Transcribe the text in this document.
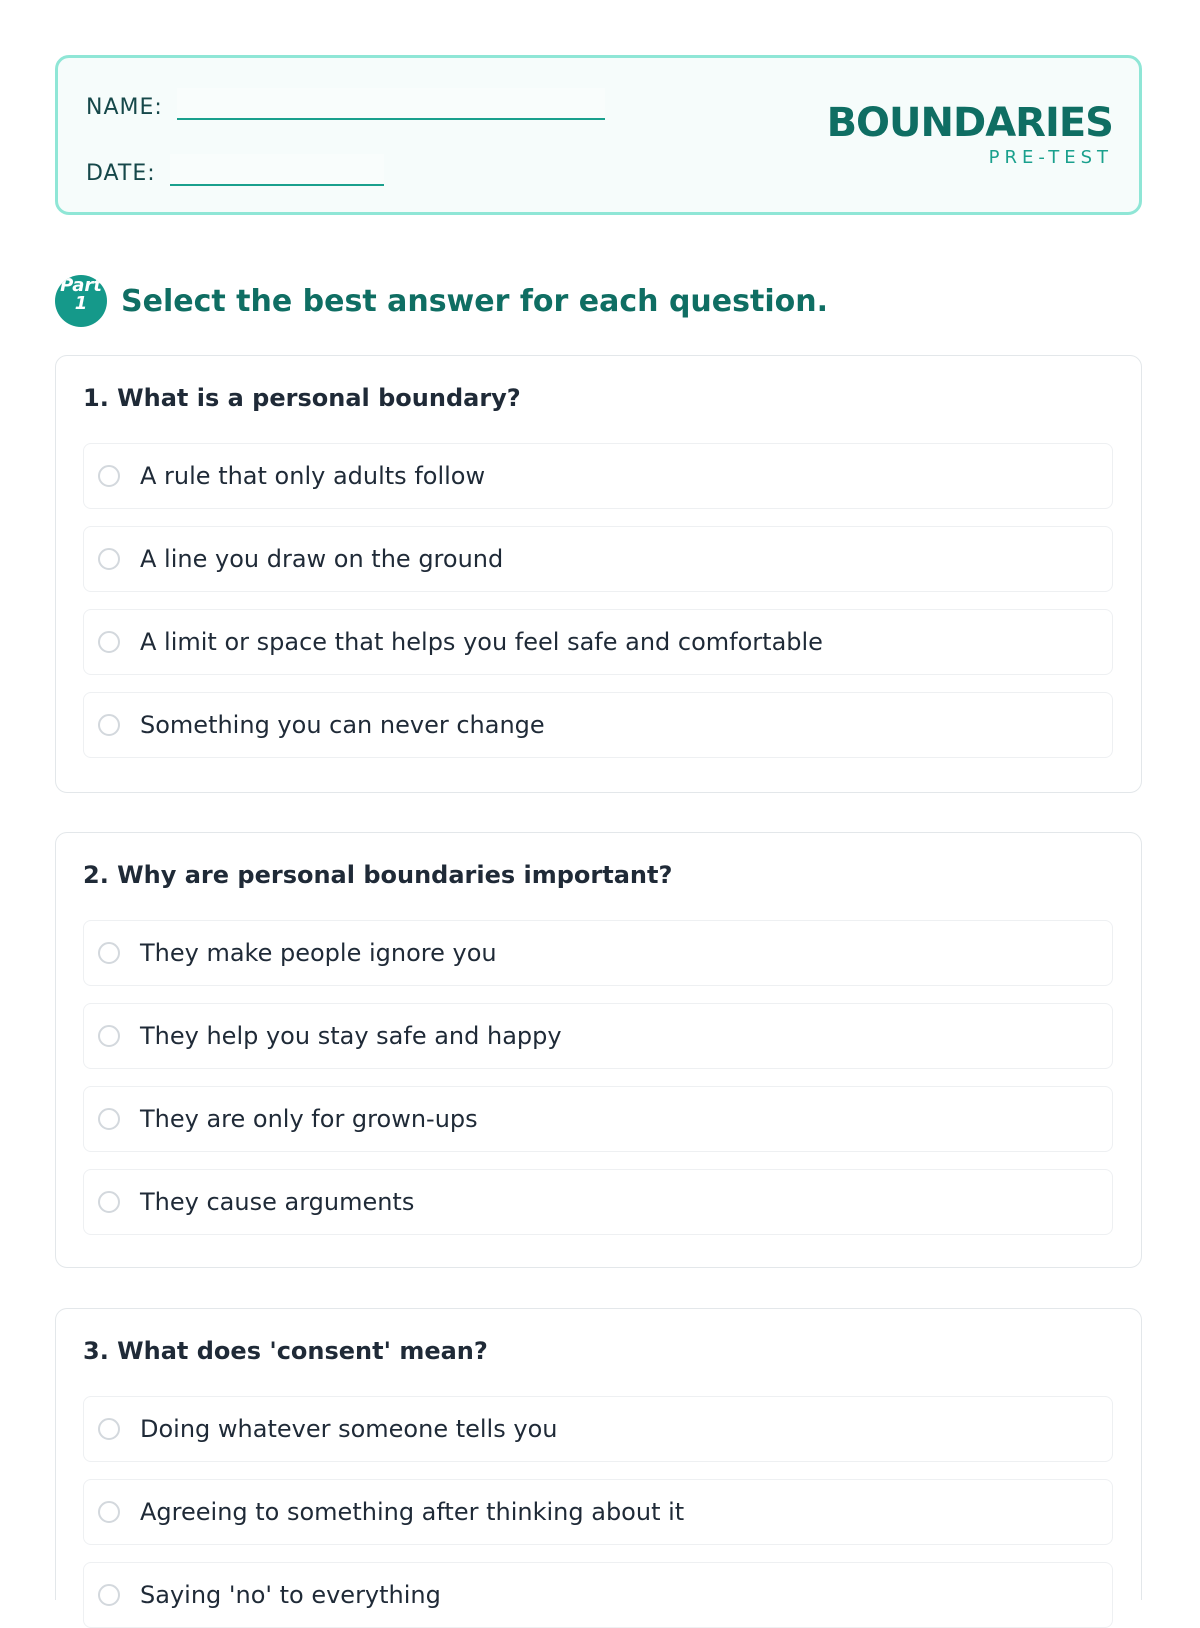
NAME:
DATE:
BOUNDARIES
PRE-TEST
Part 1	Select the best answer for each question.
1. What is a personal boundary?
A rule that only adults follow
A line you draw on the ground
A limit or space that helps you feel safe and comfortable
Something you can never change
2. Why are personal boundaries important?
They make people ignore you
They help you stay safe and happy
They are only for grown-ups
They cause arguments
3. What does 'consent' mean?
Doing whatever someone tells you
Agreeing to something after thinking about it
Saying 'no' to everything
